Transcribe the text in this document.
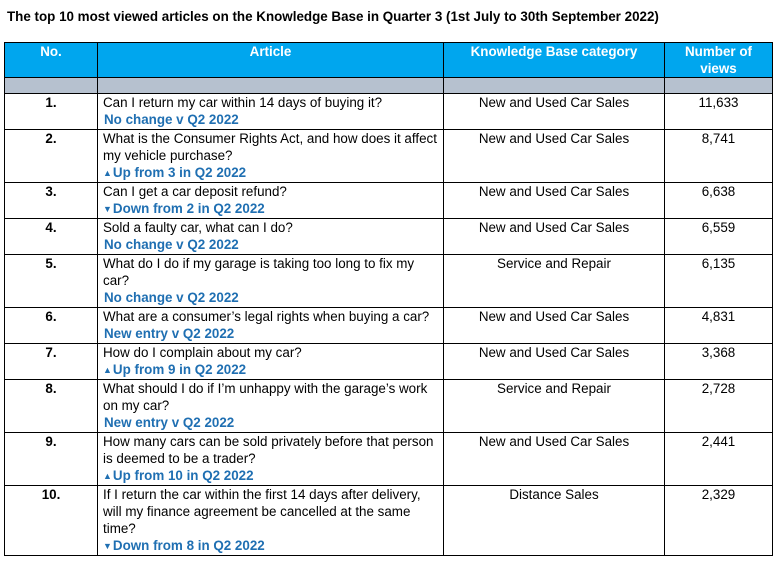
The top 10 most viewed articles on the Knowledge Base in Quarter 3 (1st July to 30th September 2022)
No.	Article	Knowledge Base category	Number of views

1.	Can I return my car within 14 days of buying it?
No change v Q2 2022	New and Used Car Sales	11,633
2.	What is the Consumer Rights Act, and how does it affect my vehicle purchase?
▲Up from 3 in Q2 2022	New and Used Car Sales	8,741
3.	Can I get a car deposit refund?
▼Down from 2 in Q2 2022	New and Used Car Sales	6,638
4.	Sold a faulty car, what can I do?
No change v Q2 2022	New and Used Car Sales	6,559
5.	What do I do if my garage is taking too long to fix my car?
No change v Q2 2022	Service and Repair	6,135
6.	What are a consumer’s legal rights when buying a car?
New entry v Q2 2022	New and Used Car Sales	4,831
7.	How do I complain about my car?
▲Up from 9 in Q2 2022	New and Used Car Sales	3,368
8.	What should I do if I’m unhappy with the garage’s work on my car?
New entry v Q2 2022	Service and Repair	2,728
9.	How many cars can be sold privately before that person is deemed to be a trader?
▲Up from 10 in Q2 2022	New and Used Car Sales	2,441
10.	If I return the car within the first 14 days after delivery, will my finance agreement be cancelled at the same time?
▼Down from 8 in Q2 2022	Distance Sales	2,329
